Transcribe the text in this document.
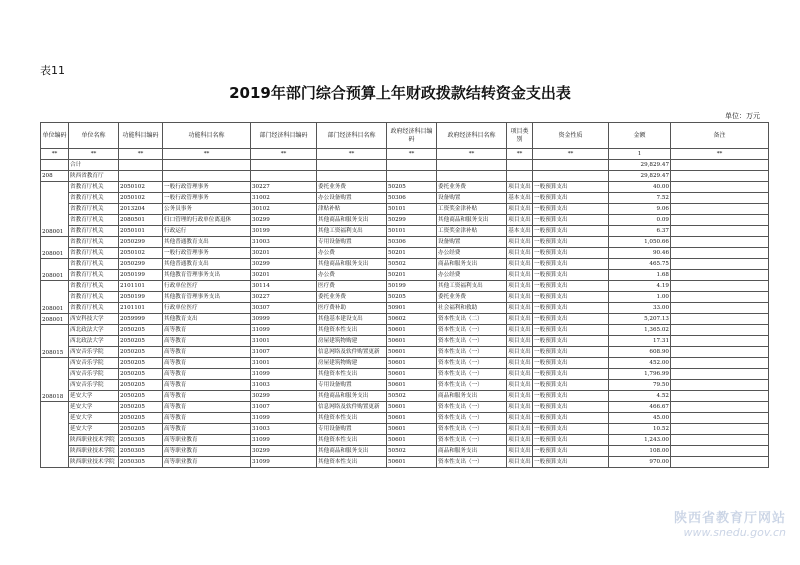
表11
2019年部门综合预算上年财政拨款结转资金支出表
单位：万元
单位编码	单位名称	功能科目编码	功能科目名称	部门经济科目编码	部门经济科目名称	政府经济科目编码	政府经济科目名称	项目类别	资金性质	金额	备注
**	**	**	**	**	**	**	**	**	**	1	**
	合计									29,829.47	
208	陕西省教育厅									29,829.47	
208001	省教育厅机关	2050102	一般行政管理事务	30227	委托业务费	50205	委托业务费	项目支出	一般预算支出	40.00	
	省教育厅机关	2050102	一般行政管理事务	31002	办公设备购置	50306	设备购置	基本支出	一般预算支出	7.52	
	省教育厅机关	2013204	公务员事务	30102	津贴补贴	50101	工资奖金津补贴	项目支出	一般预算支出	9.06	
	省教育厅机关	2080501	归口管理的行政单位离退休	30299	其他商品和服务支出	50299	其他商品和服务支出	项目支出	一般预算支出	0.09	
	省教育厅机关	2050101	行政运行	30199	其他工资福利支出	50101	工资奖金津补贴	基本支出	一般预算支出	6.37	
208001	省教育厅机关	2050299	其他普通教育支出	31003	专用设备购置	50306	设备购置	项目支出	一般预算支出	1,050.66	
	省教育厅机关	2050102	一般行政管理事务	30201	办公费	50201	办公经费	项目支出	一般预算支出	90.46	
208001	省教育厅机关	2050299	其他普通教育支出	30299	其他商品和服务支出	50502	商品和服务支出	项目支出	一般预算支出	465.75	
	省教育厅机关	2050199	其他教育管理事务支出	30201	办公费	50201	办公经费	项目支出	一般预算支出	1.68	
208001	省教育厅机关	2101101	行政单位医疗	30114	医疗费	50199	其他工资福利支出	项目支出	一般预算支出	4.19	
	省教育厅机关	2050199	其他教育管理事务支出	30227	委托业务费	50205	委托业务费	项目支出	一般预算支出	1.00	
	省教育厅机关	2101101	行政单位医疗	30307	医疗费补助	50901	社会福利和救助	项目支出	一般预算支出	33.00	
208001	西安科技大学	2059999	其他教育支出	30999	其他基本建设支出	50602	资本性支出（二）	项目支出	一般预算支出	5,207.13	
208015	西北政法大学	2050205	高等教育	31099	其他资本性支出	50601	资本性支出（一）	项目支出	一般预算支出	1,365.02	
	西北政法大学	2050205	高等教育	31001	房屋建筑物购建	50601	资本性支出（一）	项目支出	一般预算支出	17.31	
	西安音乐学院	2050205	高等教育	31007	信息网络及软件购置更新	50601	资本性支出（一）	项目支出	一般预算支出	608.90	
208018	西安音乐学院	2050205	高等教育	31001	房屋建筑物购建	50601	资本性支出（一）	项目支出	一般预算支出	452.00	
	西安音乐学院	2050205	高等教育	31099	其他资本性支出	50601	资本性支出（一）	项目支出	一般预算支出	1,796.99	
	西安音乐学院	2050205	高等教育	31003	专用设备购置	50601	资本性支出（一）	项目支出	一般预算支出	79.50	
	延安大学	2050205	高等教育	30299	其他商品和服务支出	50502	商品和服务支出	项目支出	一般预算支出	4.52	
	延安大学	2050205	高等教育	31007	信息网络及软件购置更新	50601	资本性支出（一）	项目支出	一般预算支出	466.67	
	延安大学	2050205	高等教育	31099	其他资本性支出	50601	资本性支出（一）	项目支出	一般预算支出	45.00	
	延安大学	2050205	高等教育	31003	专用设备购置	50601	资本性支出（一）	项目支出	一般预算支出	10.52	
	陕西职业技术学院	2050305	高等职业教育	31099	其他资本性支出	50601	资本性支出（一）	项目支出	一般预算支出	1,243.00	
	陕西职业技术学院	2050305	高等职业教育	30299	其他商品和服务支出	50502	商品和服务支出	项目支出	一般预算支出	108.00	
	陕西职业技术学院	2050305	高等职业教育	31099	其他资本性支出	50601	资本性支出（一）	项目支出	一般预算支出	970.00	
陕西省教育厅网站
www.snedu.gov.cn
